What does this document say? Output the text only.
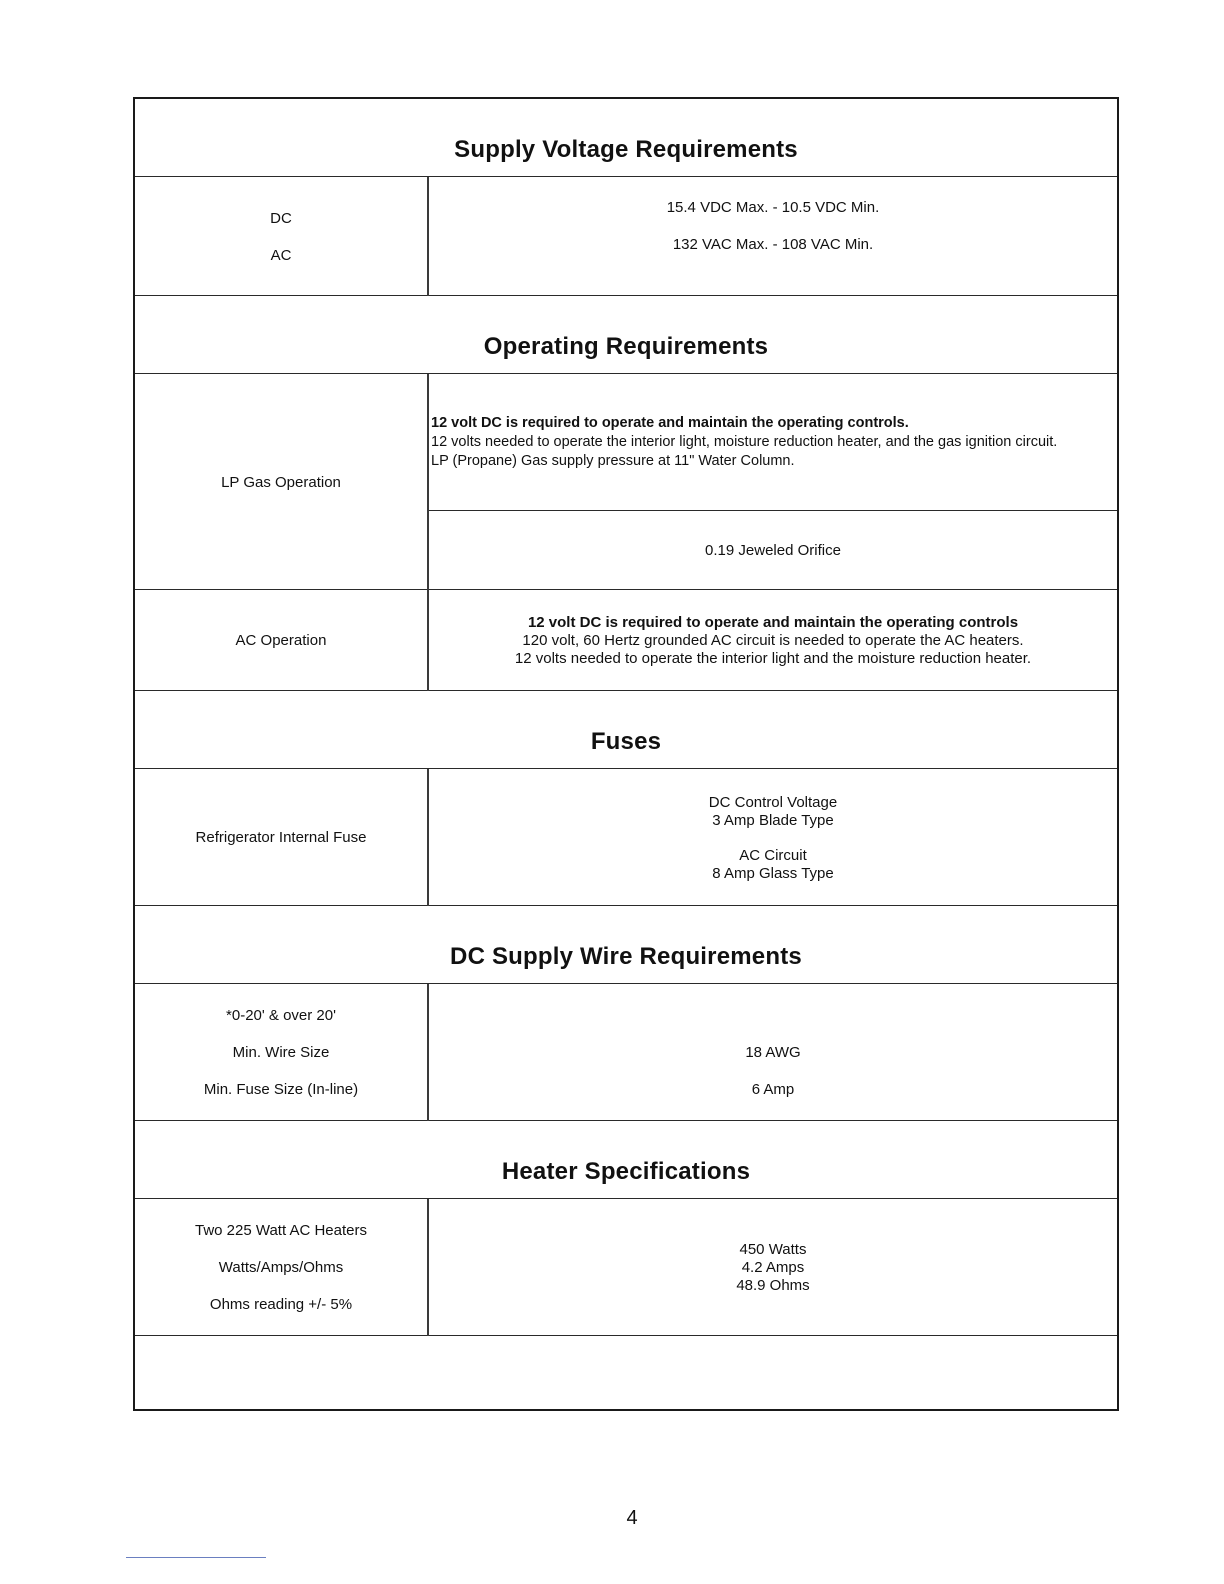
Supply Voltage Requirements
DC
AC
15.4 VDC Max. - 10.5 VDC Min.
132 VAC Max. - 108 VAC Min.
Operating Requirements
LP Gas Operation
12 volt DC is required to operate and maintain the operating controls.
12 volts needed to operate the interior light, moisture reduction heater, and the gas ignition circuit. LP (Propane) Gas supply pressure at 11" Water Column.
0.19 Jeweled Orifice
AC Operation
12 volt DC is required to operate and maintain the operating controls
120 volt, 60 Hertz grounded AC circuit is needed to operate the AC heaters.
12 volts needed to operate the interior light and the moisture reduction heater.
Fuses
Refrigerator Internal Fuse
DC Control Voltage
3 Amp Blade Type
AC Circuit
8 Amp Glass Type
DC Supply Wire Requirements
*0-20' & over 20'
Min. Wire Size
Min. Fuse Size (In-line)
18 AWG
6 Amp
Heater Specifications
Two 225 Watt AC Heaters
Watts/Amps/Ohms
Ohms reading +/- 5%
450 Watts
4.2 Amps
48.9 Ohms
4
